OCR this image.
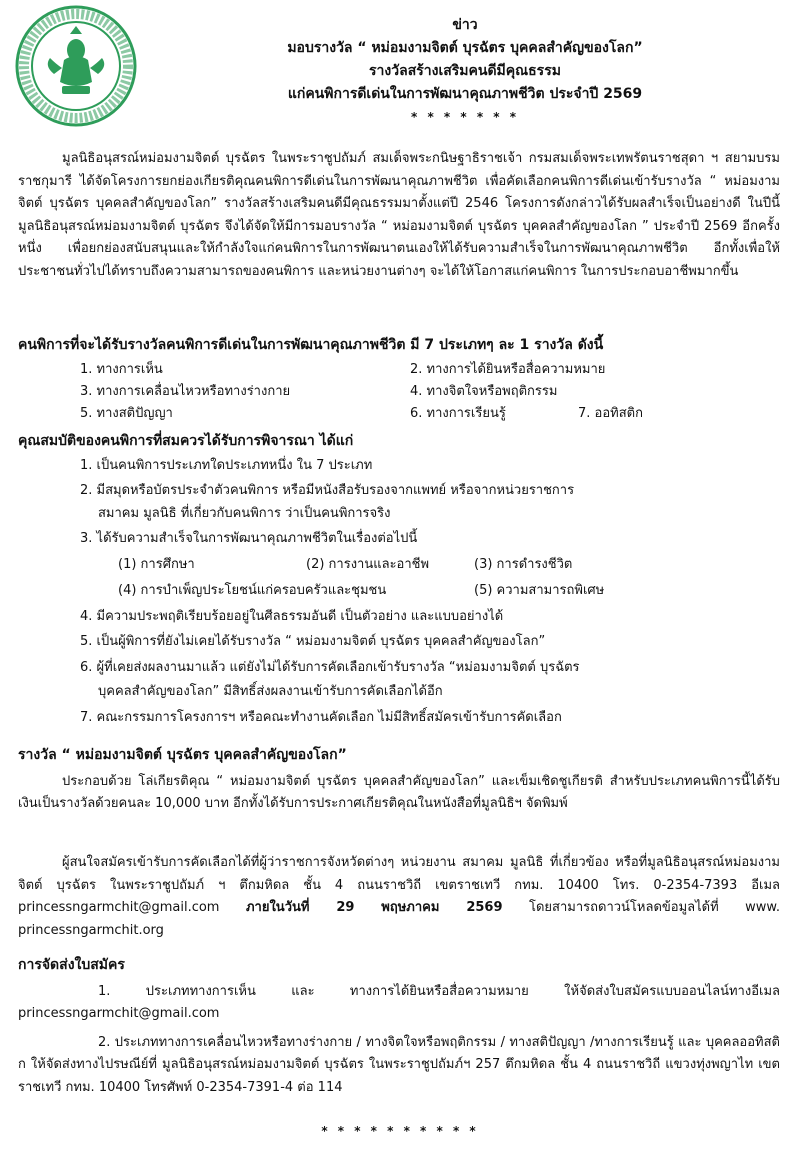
ข่าว
มอบรางวัล “ หม่อมงามจิตต์ บุรฉัตร บุคคลสำคัญของโลก”
รางวัลสร้างเสริมคนดีมีคุณธรรม
แก่คนพิการดีเด่นในการพัฒนาคุณภาพชีวิต ประจำปี 2569
* * * * * * *

มูลนิธิอนุสรณ์หม่อมงามจิตต์ บุรฉัตร ในพระราชูปถัมภ์ สมเด็จพระกนิษฐาธิราชเจ้า กรมสมเด็จพระเทพรัตนราชสุดา ฯ สยามบรมราชกุมารี ได้จัดโครงการยกย่องเกียรติคุณคนพิการดีเด่นในการพัฒนาคุณภาพชีวิต เพื่อคัดเลือกคนพิการดีเด่นเข้ารับรางวัล “ หม่อมงามจิตต์ บุรฉัตร บุคคลสำคัญของโลก” รางวัลสร้างเสริมคนดีมีคุณธรรมมาตั้งแต่ปี 2546 โครงการดังกล่าวได้รับผลสำเร็จเป็นอย่างดี ในปีนี้มูลนิธิอนุสรณ์หม่อมงามจิตต์ บุรฉัตร จึงได้จัดให้มีการมอบรางวัล “ หม่อมงามจิตต์ บุรฉัตร บุคคลสำคัญของโลก ” ประจำปี 2569 อีกครั้งหนึ่ง เพื่อยกย่องสนับสนุนและให้กำลังใจแก่คนพิการในการพัฒนาตนเองให้ได้รับความสำเร็จในการพัฒนาคุณภาพชีวิต อีกทั้งเพื่อให้ประชาชนทั่วไปได้ทราบถึงความสามารถของคนพิการ และหน่วยงานต่างๆ จะได้ให้โอกาสแก่คนพิการ ในการประกอบอาชีพมากขึ้น

คนพิการที่จะได้รับรางวัลคนพิการดีเด่นในการพัฒนาคุณภาพชีวิต มี 7 ประเภทๆ ละ 1 รางวัล ดังนี้

1. ทางการเห็น	2. ทางการได้ยินหรือสื่อความหมาย
3. ทางการเคลื่อนไหวหรือทางร่างกาย	4. ทางจิตใจหรือพฤติกรรม
5. ทางสติปัญญา	6. ทางการเรียนรู้	7. ออทิสติก

คุณสมบัติของคนพิการที่สมควรได้รับการพิจารณา ได้แก่

1. เป็นคนพิการประเภทใดประเภทหนึ่ง ใน 7 ประเภท
2. มีสมุดหรือบัตรประจำตัวคนพิการ หรือมีหนังสือรับรองจากแพทย์ หรือจากหน่วยราชการ
สมาคม มูลนิธิ ที่เกี่ยวกับคนพิการ ว่าเป็นคนพิการจริง
3. ได้รับความสำเร็จในการพัฒนาคุณภาพชีวิตในเรื่องต่อไปนี้
(1) การศึกษา	(2) การงานและอาชีพ	(3) การดำรงชีวิต
(4) การบำเพ็ญประโยชน์แก่ครอบครัวและชุมชน	(5) ความสามารถพิเศษ
4. มีความประพฤติเรียบร้อยอยู่ในศีลธรรมอันดี เป็นตัวอย่าง และแบบอย่างได้
5. เป็นผู้พิการที่ยังไม่เคยได้รับรางวัล “ หม่อมงามจิตต์ บุรฉัตร บุคคลสำคัญของโลก”
6. ผู้ที่เคยส่งผลงานมาแล้ว แต่ยังไม่ได้รับการคัดเลือกเข้ารับรางวัล “หม่อมงามจิตต์ บุรฉัตร
บุคคลสำคัญของโลก” มีสิทธิ์ส่งผลงานเข้ารับการคัดเลือกได้อีก
7. คณะกรรมการโครงการฯ หรือคณะทำงานคัดเลือก ไม่มีสิทธิ์สมัครเข้ารับการคัดเลือก

รางวัล “ หม่อมงามจิตต์ บุรฉัตร บุคคลสำคัญของโลก”

ประกอบด้วย โล่เกียรติคุณ “ หม่อมงามจิตต์ บุรฉัตร บุคคลสำคัญของโลก” และเข็มเชิดชูเกียรติ สำหรับประเภทคนพิการนี้ได้รับเงินเป็นรางวัลด้วยคนละ 10,000 บาท อีกทั้งได้รับการประกาศเกียรติคุณในหนังสือที่มูลนิธิฯ จัดพิมพ์

ผู้สนใจสมัครเข้ารับการคัดเลือกได้ที่ผู้ว่าราชการจังหวัดต่างๆ หน่วยงาน สมาคม มูลนิธิ ที่เกี่ยวข้อง หรือที่มูลนิธิอนุสรณ์หม่อมงามจิตต์ บุรฉัตร ในพระราชูปถัมภ์ ฯ ตึกมหิดล ชั้น 4 ถนนราชวิถี เขตราชเทวี กทม. 10400 โทร. 0-2354-7393 อีเมล princessngarmchit@gmail.com ภายในวันที่ 29 พฤษภาคม 2569 โดยสามารถดาวน์โหลดข้อมูลได้ที่ www. princessngarmchit.org

การจัดส่งใบสมัคร

1. ประเภททางการเห็น และ ทางการได้ยินหรือสื่อความหมาย ให้จัดส่งใบสมัครแบบออนไลน์ทางอีเมล princessngarmchit@gmail.com

2. ประเภททางการเคลื่อนไหวหรือทางร่างกาย / ทางจิตใจหรือพฤติกรรม / ทางสติปัญญา /ทางการเรียนรู้ และ บุคคลออทิสติก ให้จัดส่งทางไปรษณีย์ที่ มูลนิธิอนุสรณ์หม่อมงามจิตต์ บุรฉัตร ในพระราชูปถัมภ์ฯ 257 ตึกมหิดล ชั้น 4 ถนนราชวิถี แขวงทุ่งพญาไท เขตราชเทวี กทม. 10400 โทรศัพท์ 0-2354-7391-4 ต่อ 114

* * * * * * * * * *
